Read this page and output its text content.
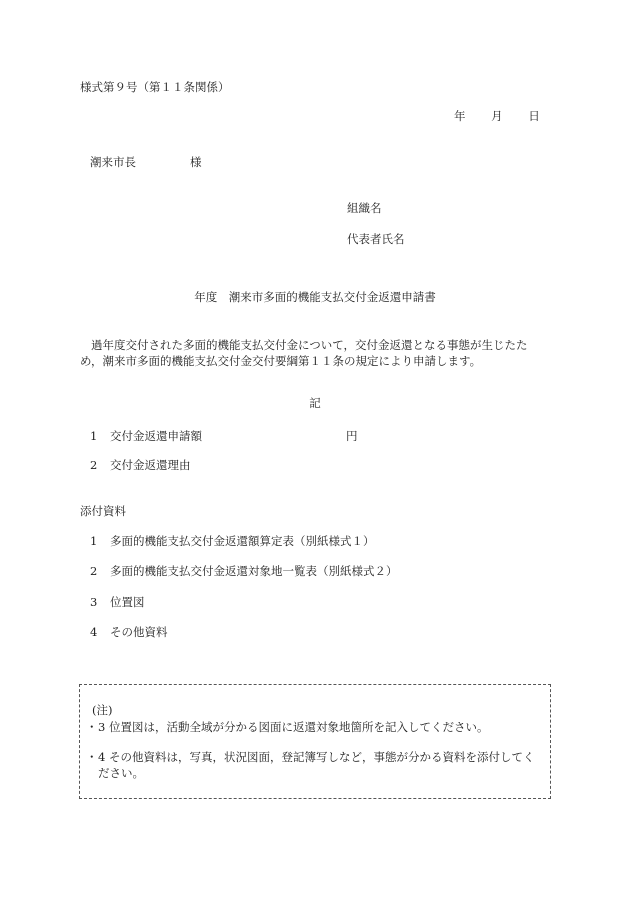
様式第９号（第１１条関係）
年 月 日
潮来市長	様
組織名
代表者氏名
年度　 潮来市多面的機能支払交付金返還申請書
過年度交付された多面的機能支払交付金について，交付金返還となる事態が生じたため，潮来市多面的機能支払交付金交付要綱第１１条の規定により申請します。
記
1 交付金返還申請額	円
2 交付金返還理由
添付資料
1 多面的機能支払交付金返還額算定表（別紙様式１）
2 多面的機能支払交付金返還対象地一覧表（別紙様式２）
3 位置図
4 その他資料
(注)
・ 3 位置図は，活動全域が分かる図面に返還対象地箇所を記入してください。
・ 4 その他資料は，写真，状況図面，登記簿写しなど，事態が分かる資料を添付してください。
